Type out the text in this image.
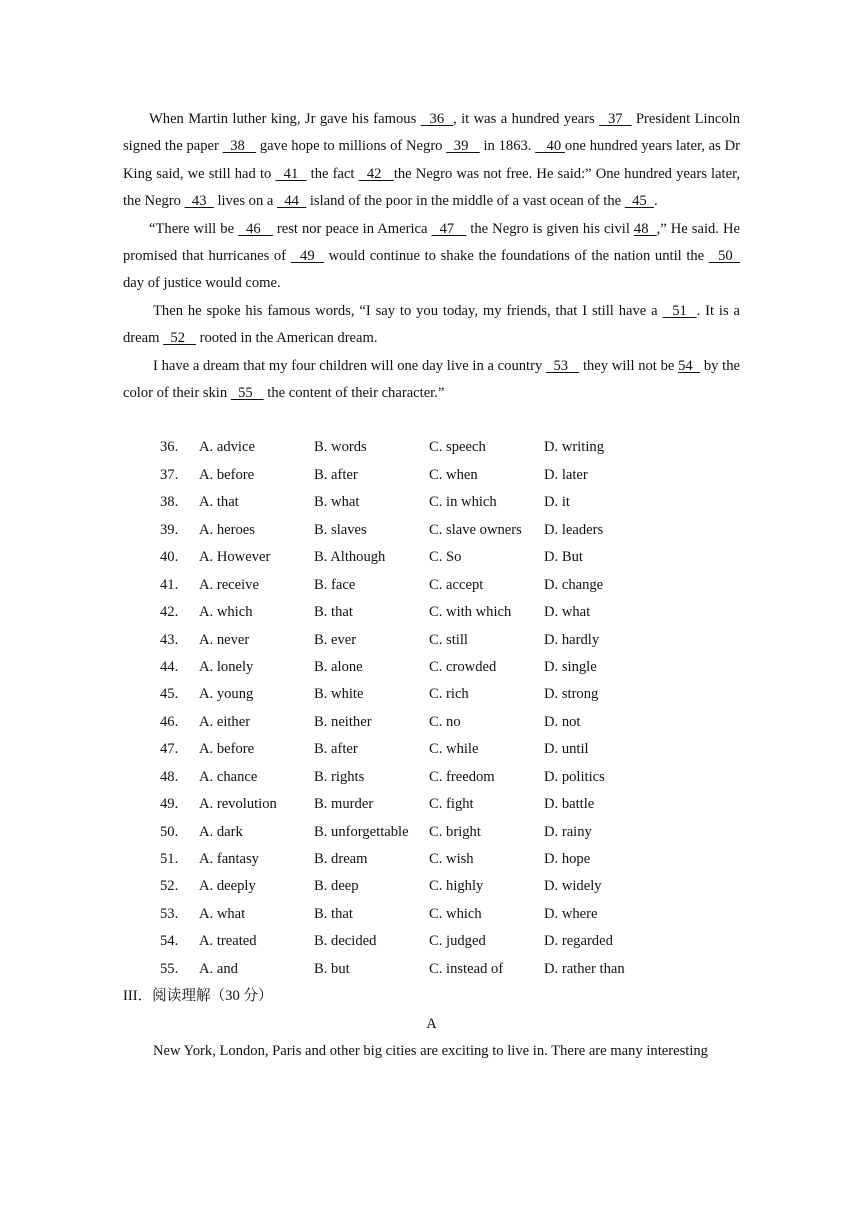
When Martin luther king, Jr gave his famous   36  , it was a hundred years   37   President Lincoln signed the paper   38    gave hope to millions of Negro   39    in 1863.    40 one hundred years later, as Dr King said, we still had to   41   the fact   42   the Negro was not free. He said:” One hundred years later, the Negro   43   lives on a   44   island of the poor in the middle of a vast ocean of the   45  .

“There will be   46    rest nor peace in America   47    the Negro is given his civil 48  ,” He said. He promised that hurricanes of   49   would continue to shake the foundations of the nation until the   50   day of justice would come.

Then he spoke his famous words, “I say to you today, my friends, that I still have a   51  . It is a dream   52    rooted in the American dream.

I have a dream that my four children will one day live in a country   53    they will not be 54   by the color of their skin   55    the content of their character.”

36.	A. advice	B. words	C. speech	D. writing
37.	A. before	B. after	C. when	D. later
38.	A. that	B. what	C. in which	D. it
39.	A. heroes	B. slaves	C. slave owners	D. leaders
40.	A. However	B. Although	C. So	D. But
41.	A. receive	B. face	C. accept	D. change
42.	A. which	B. that	C. with which	D. what
43.	A. never	B. ever	C. still	D. hardly
44.	A. lonely	B. alone	C. crowded	D. single
45.	A. young	B. white	C. rich	D. strong
46.	A. either	B. neither	C. no	D. not
47.	A. before	B. after	C. while	D. until
48.	A. chance	B. rights	C. freedom	D. politics
49.	A. revolution	B. murder	C. fight	D. battle
50.	A. dark	B. unforgettable	C. bright	D. rainy
51.	A. fantasy	B. dream	C. wish	D. hope
52.	A. deeply	B. deep	C. highly	D. widely
53.	A. what	B. that	C. which	D. where
54.	A. treated	B. decided	C. judged	D. regarded
55.	A. and	B. but	C. instead of	D. rather than
III．阅读理解（30 分）
A

New York, London, Paris and other big cities are exciting to live in. There are many interesting
